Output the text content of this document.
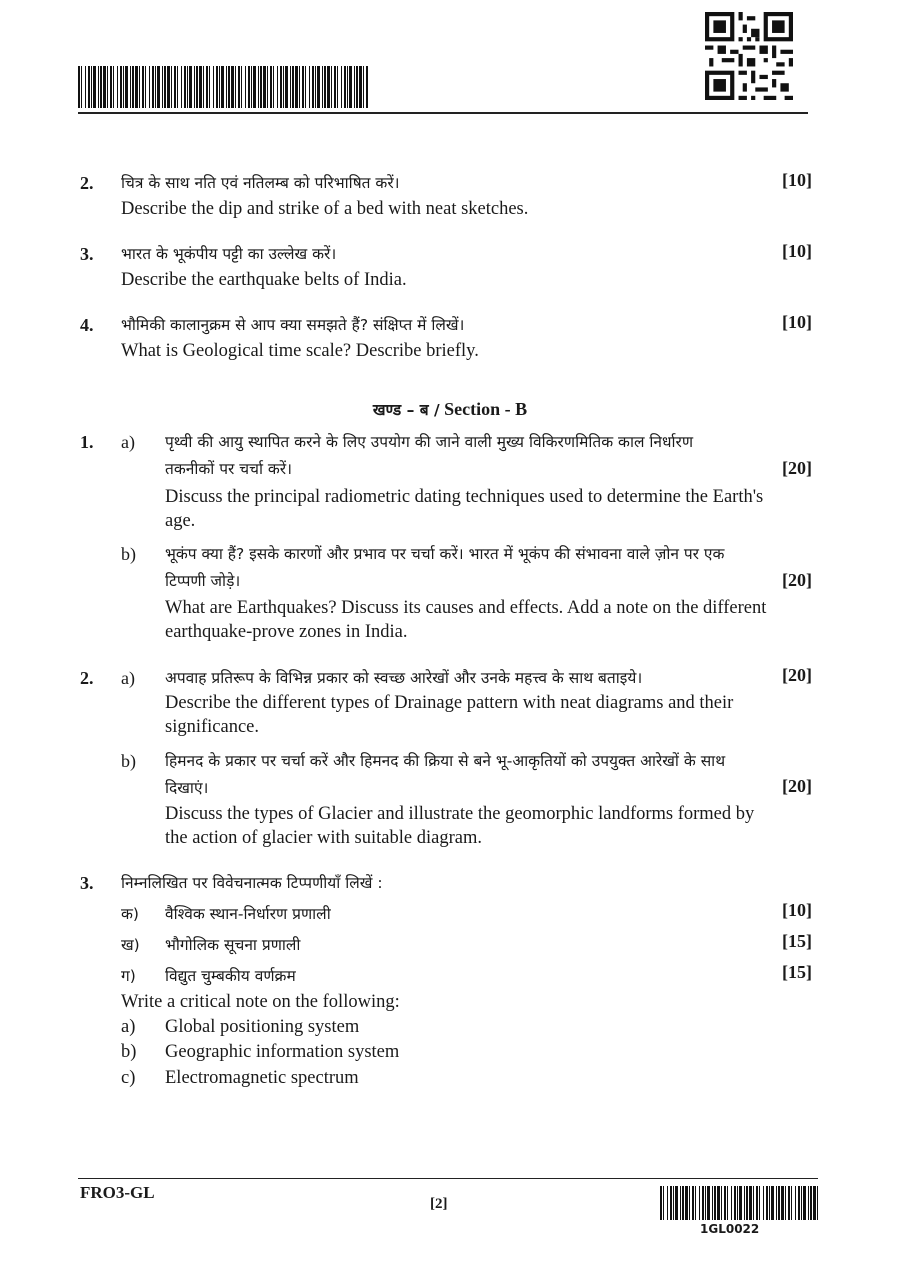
2. चित्र के साथ नति एवं नतिलम्ब को परिभाषित करें।	[10]
Describe the dip and strike of a bed with neat sketches.
3. भारत के भूकंपीय पट्टी का उल्लेख करें।	[10]
Describe the earthquake belts of India.
4. भौमिकी कालानुक्रम से आप क्या समझते हैं? संक्षिप्त में लिखें।	[10]
What is Geological time scale? Describe briefly.
खण्ड – ब / Section - B
1. a) पृथ्वी की आयु स्थापित करने के लिए उपयोग की जाने वाली मुख्य विकिरणमितिक काल निर्धारण
तकनीकों पर चर्चा करें।	[20]
Discuss the principal radiometric dating techniques used to determine the Earth's
age.
b) भूकंप क्या हैं? इसके कारणों और प्रभाव पर चर्चा करें। भारत में भूकंप की संभावना वाले ज़ोन पर एक
टिप्पणी जोड़े।	[20]
What are Earthquakes? Discuss its causes and effects. Add a note on the different
earthquake-prove zones in India.
2. a) अपवाह प्रतिरूप के विभिन्न प्रकार को स्वच्छ आरेखों और उनके महत्त्व के साथ बताइये।	[20]
Describe the different types of Drainage pattern with neat diagrams and their
significance.
b) हिमनद के प्रकार पर चर्चा करें और हिमनद की क्रिया से बने भू-आकृतियों को उपयुक्त आरेखों के साथ
दिखाएं।	[20]
Discuss the types of Glacier and illustrate the geomorphic landforms formed by
the action of glacier with suitable diagram.
3. निम्नलिखित पर विवेचनात्मक टिप्पणीयाँ लिखें :
क) वैश्विक स्थान-निर्धारण प्रणाली	[10]
ख) भौगोलिक सूचना प्रणाली	[15]
ग) विद्युत चुम्बकीय वर्णक्रम	[15]
Write a critical note on the following:
a) Global positioning system
b) Geographic information system
c) Electromagnetic spectrum
FRO3-GL
[2]
1GL0022
